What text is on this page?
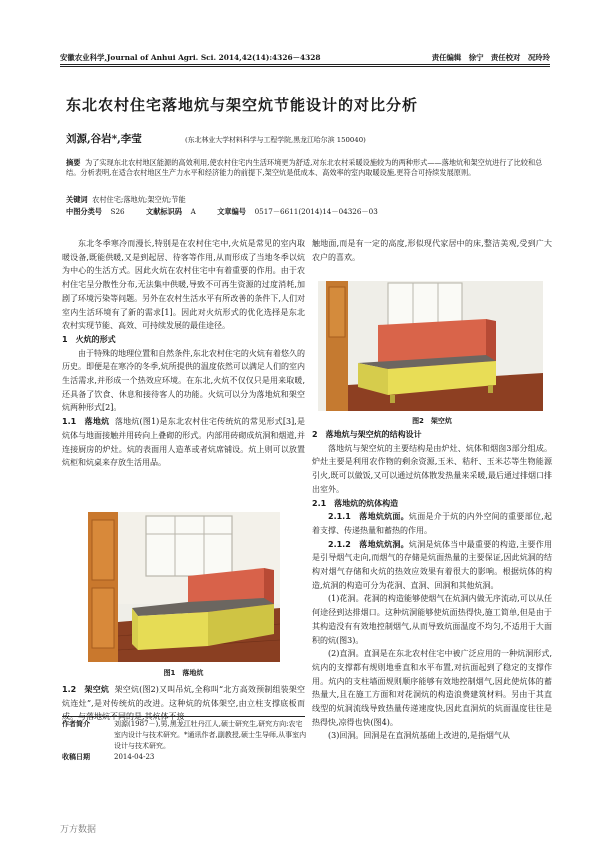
安徽农业科学,Journal of Anhui Agri. Sci. 2014,42(14):4326－4328	责任编辑　徐宁　责任校对　况玲玲
东北农村住宅落地炕与架空炕节能设计的对比分析
刘源,谷岩*,李莹	(东北林业大学材料科学与工程学院,黑龙江哈尔滨 150040)
摘要 为了实现东北农村地区能源的高效利用,使农村住宅内生活环境更为舒适,对东北农村采暖设施较为的两种形式——落地炕和架空炕进行了比较和总结。分析表明,在适合农村地区生产力水平和经济能力的前提下,架空炕是低成本、高效率的室内取暖设施,更符合可持续发展原则。
关键词 农村住宅;落地炕;架空炕;节能
中图分类号 S26	文献标识码 A	文章编号 0517－6611(2014)14－04326－03

东北冬季寒冷而漫长,特别是在农村住宅中,火炕是常见的室内取暖设备,既能供暖,又是到起居、待客等作用,从而形成了当地冬季以炕为中心的生活方式。因此火炕在农村住宅中有着重要的作用。由于农村住宅呈分散性分布,无法集中供暖,导致不可再生资源的过度消耗,加剧了环境污染等问题。另外在农村生活水平有所改善的条件下,人们对室内生活环境有了新的需求[1]。因此对火炕形式的优化选择是东北农村实现节能、高效、可持续发展的最佳途径。

1　火炕的形式

由于特殊的地理位置和自然条件,东北农村住宅的火炕有着悠久的历史。即便是在寒冷的冬季,炕所提供的温度依然可以满足人们的室内生活需求,并形成一个热效应环境。在东北,火炕不仅仅只是用来取暖,还具备了饮食、休息和接待客人的功能。火炕可以分为落地炕和架空炕两种形式[2]。

1.1　落地炕 落地炕(图1)是东北农村住宅传统炕的常见形式[3],是炕体与地面接触并用砖向上叠砌的形式。内部用砖砌成炕洞和烟道,并连接厨房的炉灶。炕的表面用人造革或者炕席铺设。炕上则可以放置炕柜和炕桌来存放生活用品。

图1　落地炕

1.2　架空炕 架空炕(图2)又叫吊炕,全称叫“北方高效预制组装架空炕连灶”,是对传统炕的改进。这种炕的炕体架空,由立柱支撑底板而成。与落地炕不同的是,其炕体不接

作者简介	刘源(1987－),男,黑龙江牡丹江人,硕士研究生,研究方向:农宅室内设计与技术研究。*通讯作者,副教授,硕士生导师,从事室内设计与技术研究。
收稿日期	2014-04-23

触地面,而是有一定的高度,形似现代家居中的床,整洁美观,受到广大农户的喜欢。

图2　架空炕
2　落地炕与架空炕的结构设计

落地炕与架空炕的主要结构是由炉灶、炕体和烟囱3部分组成。炉灶主要是利用农作物的剩余资源,玉米、秸秆、玉米芯等生物能源引火,既可以做饭,又可以通过炕体散发热量来采暖,最后通过排烟口排出室外。

2.1　落地炕的炕体构造

2.1.1　落地炕炕面。炕面是介于炕的内外空间的重要部位,起着支撑、传递热量和蓄热的作用。

2.1.2　落地炕炕洞。炕洞是炕体当中最重要的构造,主要作用是引导烟气走向,而烟气的存储是炕面热量的主要保证,因此炕洞的结构对烟气存储和火炕的热效应效果有着很大的影响。根据炕体的构造,炕洞的构造可分为花洞、直洞、回洞和其他炕洞。

(1)花洞。花洞的构造能够使烟气在炕洞内做无序流动,可以从任何途径到达排烟口。这种炕洞能够使炕面热得快,施工简单,但是由于其构造没有有效地控制烟气,从而导致炕面温度不均匀,不适用于大面积的炕(图3)。

(2)直洞。直洞是在东北农村住宅中被广泛应用的一种炕洞形式,炕内的支撑都有规则地垂直和水平布置,对抗面起到了稳定的支撑作用。炕内的支柱墙面规则顺序能够有效地控制烟气,因此使炕体的蓄热量大,且在施工方面和对花洞炕的构造浪费建筑材料。另由于其直线型的炕洞流线导致热量传递速度快,因此直洞炕的炕面温度往往是热得快,凉得也快(图4)。

(3)回洞。回洞是在直洞炕基础上改进的,是指烟气从

万方数据
